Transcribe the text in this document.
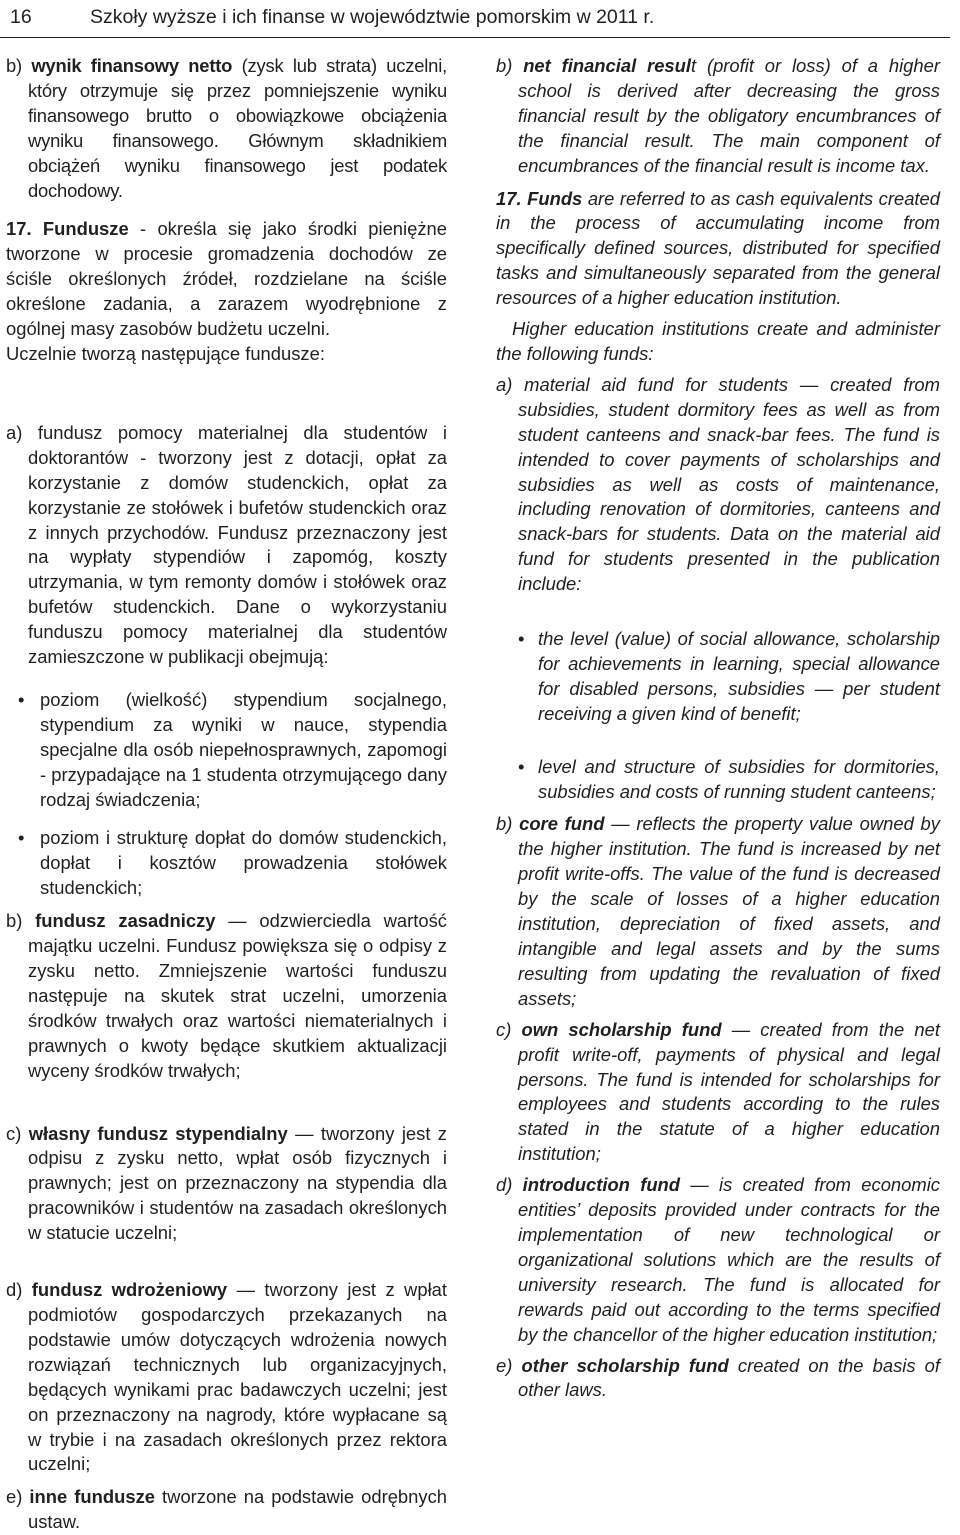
16	Szkoły wyższe i ich finanse w województwie pomorskim w 2011 r.

b) wynik finansowy netto (zysk lub strata) uczelni, który otrzymuje się przez pomniejszenie wyniku finansowego brutto o obowiązkowe obciążenia wyniku finansowego. Głównym składnikiem obciążeń wyniku finansowego jest podatek dochodowy.

17. Fundusze - określa się jako środki pieniężne tworzone w procesie gromadzenia dochodów ze ściśle określonych źródeł, rozdzielane na ściśle określone zadania, a zarazem wyodrębnione z ogólnej masy zasobów budżetu uczelni.

Uczelnie tworzą następujące fundusze:

a) fundusz pomocy materialnej dla studentów i doktorantów - tworzony jest z dotacji, opłat za korzystanie z domów studenckich, opłat za korzystanie ze stołówek i bufetów studenckich oraz z innych przychodów. Fundusz przeznaczony jest na wypłaty stypendiów i zapomóg, koszty utrzymania, w tym remonty domów i stołówek oraz bufetów studenckich. Dane o wykorzystaniu funduszu pomocy materialnej dla studentów zamieszczone w publikacji obejmują:

• poziom (wielkość) stypendium socjalnego, stypendium za wyniki w nauce, stypendia specjalne dla osób niepełnosprawnych, zapomogi - przypadające na 1 studenta otrzymującego dany rodzaj świadczenia;
• poziom i strukturę dopłat do domów studenckich, dopłat i kosztów prowadzenia stołówek studenckich;

b) fundusz zasadniczy — odzwierciedla wartość majątku uczelni. Fundusz powiększa się o odpisy z zysku netto. Zmniejszenie wartości funduszu następuje na skutek strat uczelni, umorzenia środków trwałych oraz wartości niematerialnych i prawnych o kwoty będące skutkiem aktualizacji wyceny środków trwałych;

c) własny fundusz stypendialny — tworzony jest z odpisu z zysku netto, wpłat osób fizycznych i prawnych; jest on przeznaczony na stypendia dla pracowników i studentów na zasadach określonych w statucie uczelni;

d) fundusz wdrożeniowy — tworzony jest z wpłat podmiotów gospodarczych przekazanych na podstawie umów dotyczących wdrożenia nowych rozwiązań technicznych lub organizacyjnych, będących wynikami prac badawczych uczelni; jest on przeznaczony na nagrody, które wypłacane są w trybie i na zasadach określonych przez rektora uczelni;

e) inne fundusze tworzone na podstawie odrębnych ustaw.

b) net financial result (profit or loss) of a higher school is derived after decreasing the gross financial result by the obligatory encumbrances of the financial result. The main component of encumbrances of the financial result is income tax.

17. Funds are referred to as cash equivalents created in the process of accumulating income from specifically defined sources, distributed for specified tasks and simultaneously separated from the general resources of a higher education institution.

Higher education institutions create and administer the following funds:

a) material aid fund for students — created from subsidies, student dormitory fees as well as from student canteens and snack-bar fees. The fund is intended to cover payments of scholarships and subsidies as well as costs of maintenance, including renovation of dormitories, canteens and snack-bars for students. Data on the material aid fund for students presented in the publication include:

• the level (value) of social allowance, scholarship for achievements in learning, special allowance for disabled persons, subsidies — per student receiving a given kind of benefit;
• level and structure of subsidies for dormitories, subsidies and costs of running student canteens;

b) core fund — reflects the property value owned by the higher institution. The fund is increased by net profit write-offs. The value of the fund is decreased by the scale of losses of a higher education institution, depreciation of fixed assets, and intangible and legal assets and by the sums resulting from updating the revaluation of fixed assets;

c) own scholarship fund — created from the net profit write-off, payments of physical and legal persons. The fund is intended for scholarships for employees and students according to the rules stated in the statute of a higher education institution;

d) introduction fund — is created from economic entities’ deposits provided under contracts for the implementation of new technological or organizational solutions which are the results of university research. The fund is allocated for rewards paid out according to the terms specified by the chancellor of the higher education institution;

e) other scholarship fund created on the basis of other laws.
